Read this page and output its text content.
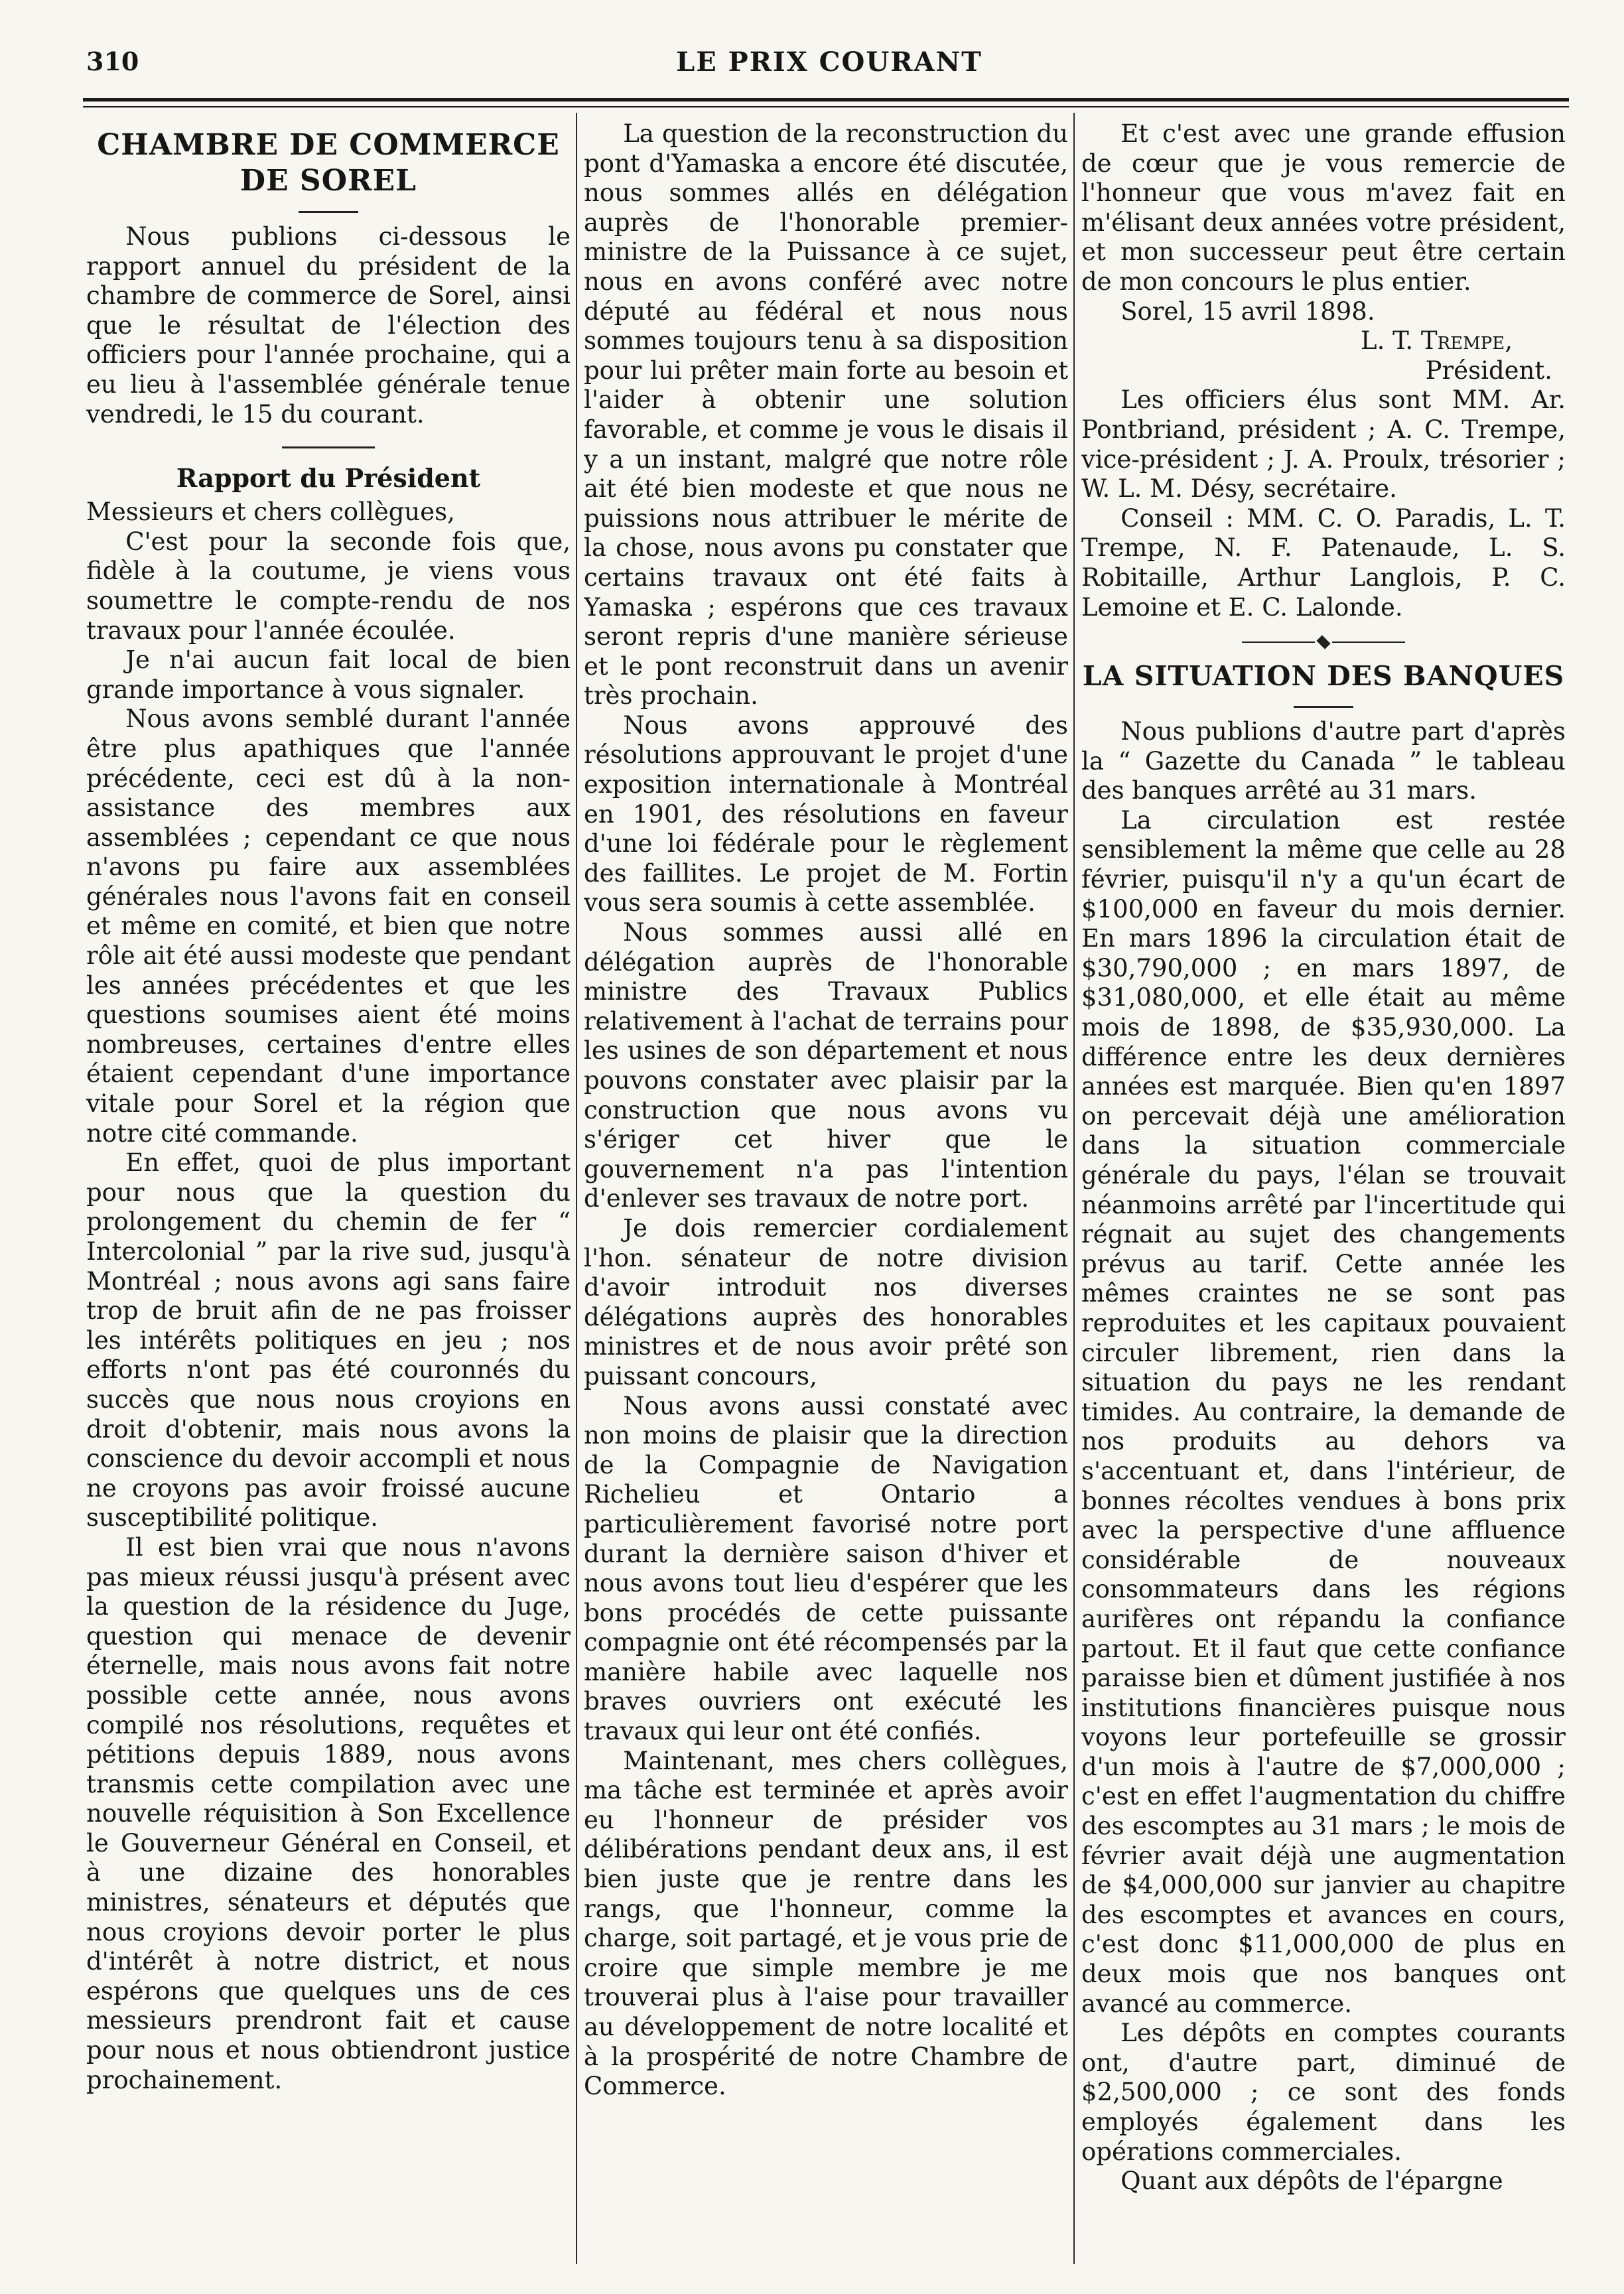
310	LE PRIX COURANT
CHAMBRE DE COMMERCE
DE SOREL

Nous publions ci-dessous le rapport annuel du président de la chambre de commerce de Sorel, ainsi que le résultat de l'élection des officiers pour l'année prochaine, qui a eu lieu à l'assemblée générale tenue vendredi, le 15 du courant.

Rapport du Président

Messieurs et chers collègues,

C'est pour la seconde fois que, fidèle à la coutume, je viens vous soumettre le compte-rendu de nos travaux pour l'année écoulée.

Je n'ai aucun fait local de bien grande importance à vous signaler.

Nous avons semblé durant l'année être plus apathiques que l'année précédente, ceci est dû à la non-assistance des membres aux assemblées ; cependant ce que nous n'avons pu faire aux assemblées générales nous l'avons fait en conseil et même en comité, et bien que notre rôle ait été aussi modeste que pendant les années précédentes et que les questions soumises aient été moins nombreuses, certaines d'entre elles étaient cependant d'une importance vitale pour Sorel et la région que notre cité commande.

En effet, quoi de plus important pour nous que la question du prolongement du chemin de fer “ Intercolonial ” par la rive sud, jusqu'à Montréal ; nous avons agi sans faire trop de bruit afin de ne pas froisser les intérêts politiques en jeu ; nos efforts n'ont pas été couronnés du succès que nous nous croyions en droit d'obtenir, mais nous avons la conscience du devoir accompli et nous ne croyons pas avoir froissé aucune susceptibilité politique.

Il est bien vrai que nous n'avons pas mieux réussi jusqu'à présent avec la question de la résidence du Juge, question qui menace de devenir éternelle, mais nous avons fait notre possible cette année, nous avons compilé nos résolutions, requêtes et pétitions depuis 1889, nous avons transmis cette compilation avec une nouvelle réquisition à Son Excellence le Gouverneur Général en Conseil, et à une dizaine des honorables ministres, sénateurs et députés que nous croyions devoir porter le plus d'intérêt à notre district, et nous espérons que quelques uns de ces messieurs prendront fait et cause pour nous et nous obtiendront justice prochainement.

La question de la reconstruction du pont d'Yamaska a encore été discutée, nous sommes allés en délégation auprès de l'honorable premier-ministre de la Puissance à ce sujet, nous en avons conféré avec notre député au fédéral et nous nous sommes toujours tenu à sa disposition pour lui prêter main forte au besoin et l'aider à obtenir une solution favorable, et comme je vous le disais il y a un instant, malgré que notre rôle ait été bien modeste et que nous ne puissions nous attribuer le mérite de la chose, nous avons pu constater que certains travaux ont été faits à Yamaska ; espérons que ces travaux seront repris d'une manière sérieuse et le pont reconstruit dans un avenir très prochain.

Nous avons approuvé des résolutions approuvant le projet d'une exposition internationale à Montréal en 1901, des résolutions en faveur d'une loi fédérale pour le règlement des faillites. Le projet de M. Fortin vous sera soumis à cette assemblée.

Nous sommes aussi allé en délégation auprès de l'honorable ministre des Travaux Publics relativement à l'achat de terrains pour les usines de son département et nous pouvons constater avec plaisir par la construction que nous avons vu s'ériger cet hiver que le gouvernement n'a pas l'intention d'enlever ses travaux de notre port.

Je dois remercier cordialement l'hon. sénateur de notre division d'avoir introduit nos diverses délégations auprès des honorables ministres et de nous avoir prêté son puissant concours,

Nous avons aussi constaté avec non moins de plaisir que la direction de la Compagnie de Navigation Richelieu et Ontario a particulièrement favorisé notre port durant la dernière saison d'hiver et nous avons tout lieu d'espérer que les bons procédés de cette puissante compagnie ont été récompensés par la manière habile avec laquelle nos braves ouvriers ont exécuté les travaux qui leur ont été confiés.

Maintenant, mes chers collègues, ma tâche est terminée et après avoir eu l'honneur de présider vos délibérations pendant deux ans, il est bien juste que je rentre dans les rangs, que l'honneur, comme la charge, soit partagé, et je vous prie de croire que simple membre je me trouverai plus à l'aise pour travailler au développement de notre localité et à la prospérité de notre Chambre de Commerce.

Et c'est avec une grande effusion de cœur que je vous remercie de l'honneur que vous m'avez fait en m'élisant deux années votre président, et mon successeur peut être certain de mon concours le plus entier.

Sorel, 15 avril 1898.

L. T. Trempe,

Président.

Les officiers élus sont MM. Ar. Pontbriand, président ; A. C. Trempe, vice-président ; J. A. Proulx, trésorier ; W. L. M. Désy, secrétaire.

Conseil : MM. C. O. Paradis, L. T. Trempe, N. F. Patenaude, L. S. Robitaille, Arthur Langlois, P. C. Lemoine et E. C. Lalonde.

LA SITUATION DES BANQUES

Nous publions d'autre part d'après la “ Gazette du Canada ” le tableau des banques arrêté au 31 mars.

La circulation est restée sensiblement la même que celle au 28 février, puisqu'il n'y a qu'un écart de $100,000 en faveur du mois dernier. En mars 1896 la circulation était de $30,790,000 ; en mars 1897, de $31,080,000, et elle était au même mois de 1898, de $35,930,000. La différence entre les deux dernières années est marquée. Bien qu'en 1897 on percevait déjà une amélioration dans la situation commerciale générale du pays, l'élan se trouvait néanmoins arrêté par l'incertitude qui régnait au sujet des changements prévus au tarif. Cette année les mêmes craintes ne se sont pas reproduites et les capitaux pouvaient circuler librement, rien dans la situation du pays ne les rendant timides. Au contraire, la demande de nos produits au dehors va s'accentuant et, dans l'intérieur, de bonnes récoltes vendues à bons prix avec la perspective d'une affluence considérable de nouveaux consommateurs dans les régions aurifères ont répandu la confiance partout. Et il faut que cette confiance paraisse bien et dûment justifiée à nos institutions financières puisque nous voyons leur portefeuille se grossir d'un mois à l'autre de $7,000,000 ; c'est en effet l'augmentation du chiffre des escomptes au 31 mars ; le mois de février avait déjà une augmentation de $4,000,000 sur janvier au chapitre des escomptes et avances en cours, c'est donc $11,000,000 de plus en deux mois que nos banques ont avancé au commerce.

Les dépôts en comptes courants ont, d'autre part, diminué de $2,500,000 ; ce sont des fonds employés également dans les opérations commerciales.

Quant aux dépôts de l'épargne
